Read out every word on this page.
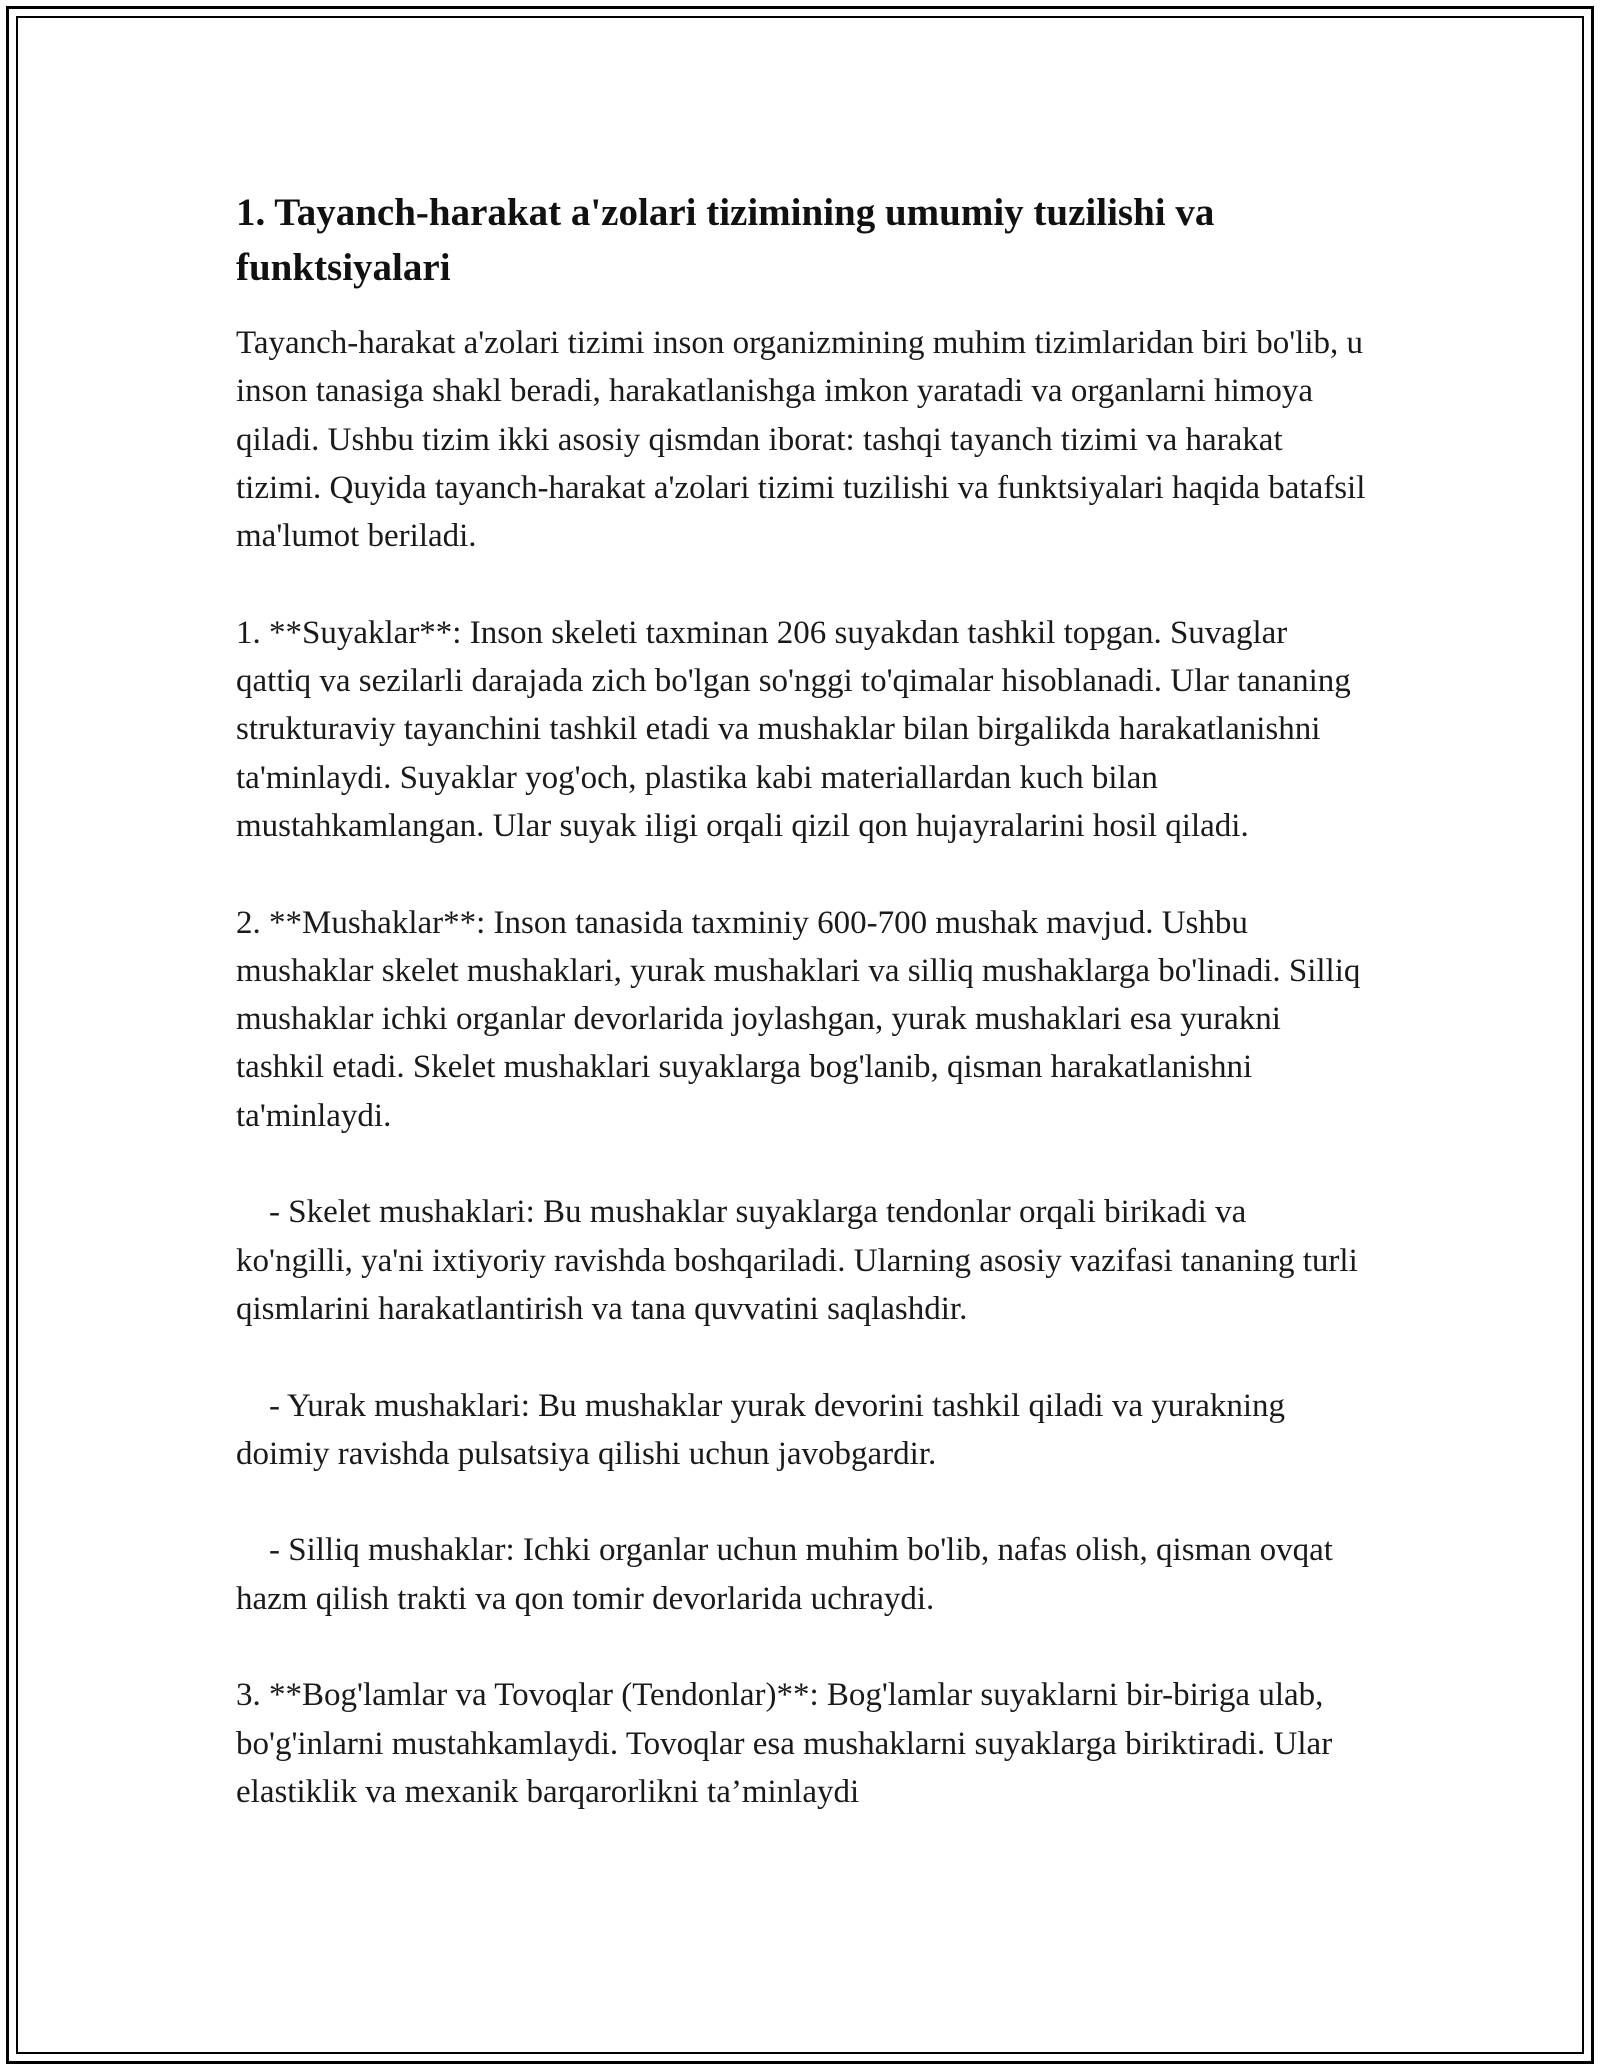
1. Tayanch-harakat a'zolari tizimining umumiy tuzilishi va funktsiyalari

Tayanch-harakat a'zolari tizimi inson organizmining muhim tizimlaridan biri bo'lib, u inson tanasiga shakl beradi, harakatlanishga imkon yaratadi va organlarni himoya qiladi. Ushbu tizim ikki asosiy qismdan iborat: tashqi tayanch tizimi va harakat tizimi. Quyida tayanch-harakat a'zolari tizimi tuzilishi va funktsiyalari haqida batafsil ma'lumot beriladi.

1. **Suyaklar**: Inson skeleti taxminan 206 suyakdan tashkil topgan. Suvaglar qattiq va sezilarli darajada zich bo'lgan so'nggi to'qimalar hisoblanadi. Ular tananing strukturaviy tayanchini tashkil etadi va mushaklar bilan birgalikda harakatlanishni ta'minlaydi. Suyaklar yog'och, plastika kabi materiallardan kuch bilan mustahkamlangan. Ular suyak iligi orqali qizil qon hujayralarini hosil qiladi.

2. **Mushaklar**: Inson tanasida taxminiy 600-700 mushak mavjud. Ushbu mushaklar skelet mushaklari, yurak mushaklari va silliq mushaklarga bo'linadi. Silliq mushaklar ichki organlar devorlarida joylashgan, yurak mushaklari esa yurakni tashkil etadi. Skelet mushaklari suyaklarga bog'lanib, qisman harakatlanishni ta'minlaydi.

- Skelet mushaklari: Bu mushaklar suyaklarga tendonlar orqali birikadi va ko'ngilli, ya'ni ixtiyoriy ravishda boshqariladi. Ularning asosiy vazifasi tananing turli qismlarini harakatlantirish va tana quvvatini saqlashdir.

- Yurak mushaklari: Bu mushaklar yurak devorini tashkil qiladi va yurakning doimiy ravishda pulsatsiya qilishi uchun javobgardir.

- Silliq mushaklar: Ichki organlar uchun muhim bo'lib, nafas olish, qisman ovqat hazm qilish trakti va qon tomir devorlarida uchraydi.

3. **Bog'lamlar va Tovoqlar (Tendonlar)**: Bog'lamlar suyaklarni bir-biriga ulab, bo'g'inlarni mustahkamlaydi. Tovoqlar esa mushaklarni suyaklarga biriktiradi. Ular elastiklik va mexanik barqarorlikni ta’minlaydi
